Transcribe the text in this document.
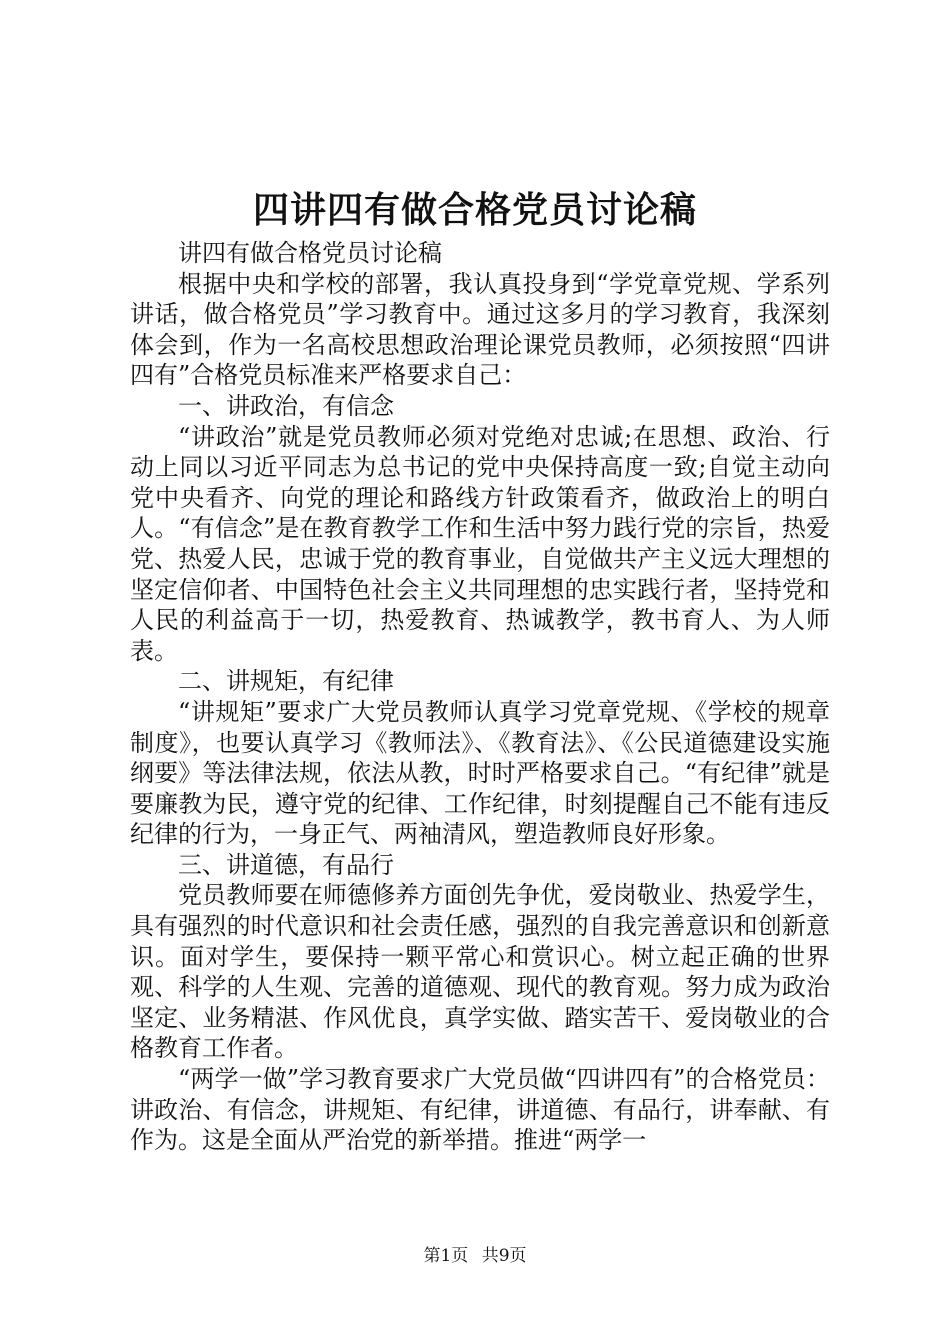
四讲四有做合格党员讨论稿

讲四有做合格党员讨论稿

根据中央和学校的部署，我认真投身到“学党章党规、学系列讲话，做合格党员”学习教育中。通过这多月的学习教育，我深刻体会到，作为一名高校思想政治理论课党员教师，必须按照“四讲四有”合格党员标准来严格要求自己：

一、讲政治，有信念

“讲政治”就是党员教师必须对党绝对忠诚;在思想、政治、行动上同以习近平同志为总书记的党中央保持高度一致;自觉主动向党中央看齐、向党的理论和路线方针政策看齐，做政治上的明白人。“有信念”是在教育教学工作和生活中努力践行党的宗旨，热爱党、热爱人民，忠诚于党的教育事业，自觉做共产主义远大理想的坚定信仰者、中国特色社会主义共同理想的忠实践行者，坚持党和人民的利益高于一切，热爱教育、热诚教学，教书育人、为人师表。

二、讲规矩，有纪律

“讲规矩”要求广大党员教师认真学习党章党规、《学校的规章制度》，也要认真学习《教师法》、《教育法》、《公民道德建设实施纲要》等法律法规，依法从教，时时严格要求自己。“有纪律”就是要廉教为民，遵守党的纪律、工作纪律，时刻提醒自己不能有违反纪律的行为，一身正气、两袖清风，塑造教师良好形象。

三、讲道德，有品行

党员教师要在师德修养方面创先争优，爱岗敬业、热爱学生，具有强烈的时代意识和社会责任感，强烈的自我完善意识和创新意识。面对学生，要保持一颗平常心和赏识心。树立起正确的世界观、科学的人生观、完善的道德观、现代的教育观。努力成为政治坚定、业务精湛、作风优良，真学实做、踏实苦干、爱岗敬业的合格教育工作者。

“两学一做”学习教育要求广大党员做“四讲四有”的合格党员：讲政治、有信念，讲规矩、有纪律，讲道德、有品行，讲奉献、有作为。这是全面从严治党的新举措。推进“两学一

第1页 共9页
